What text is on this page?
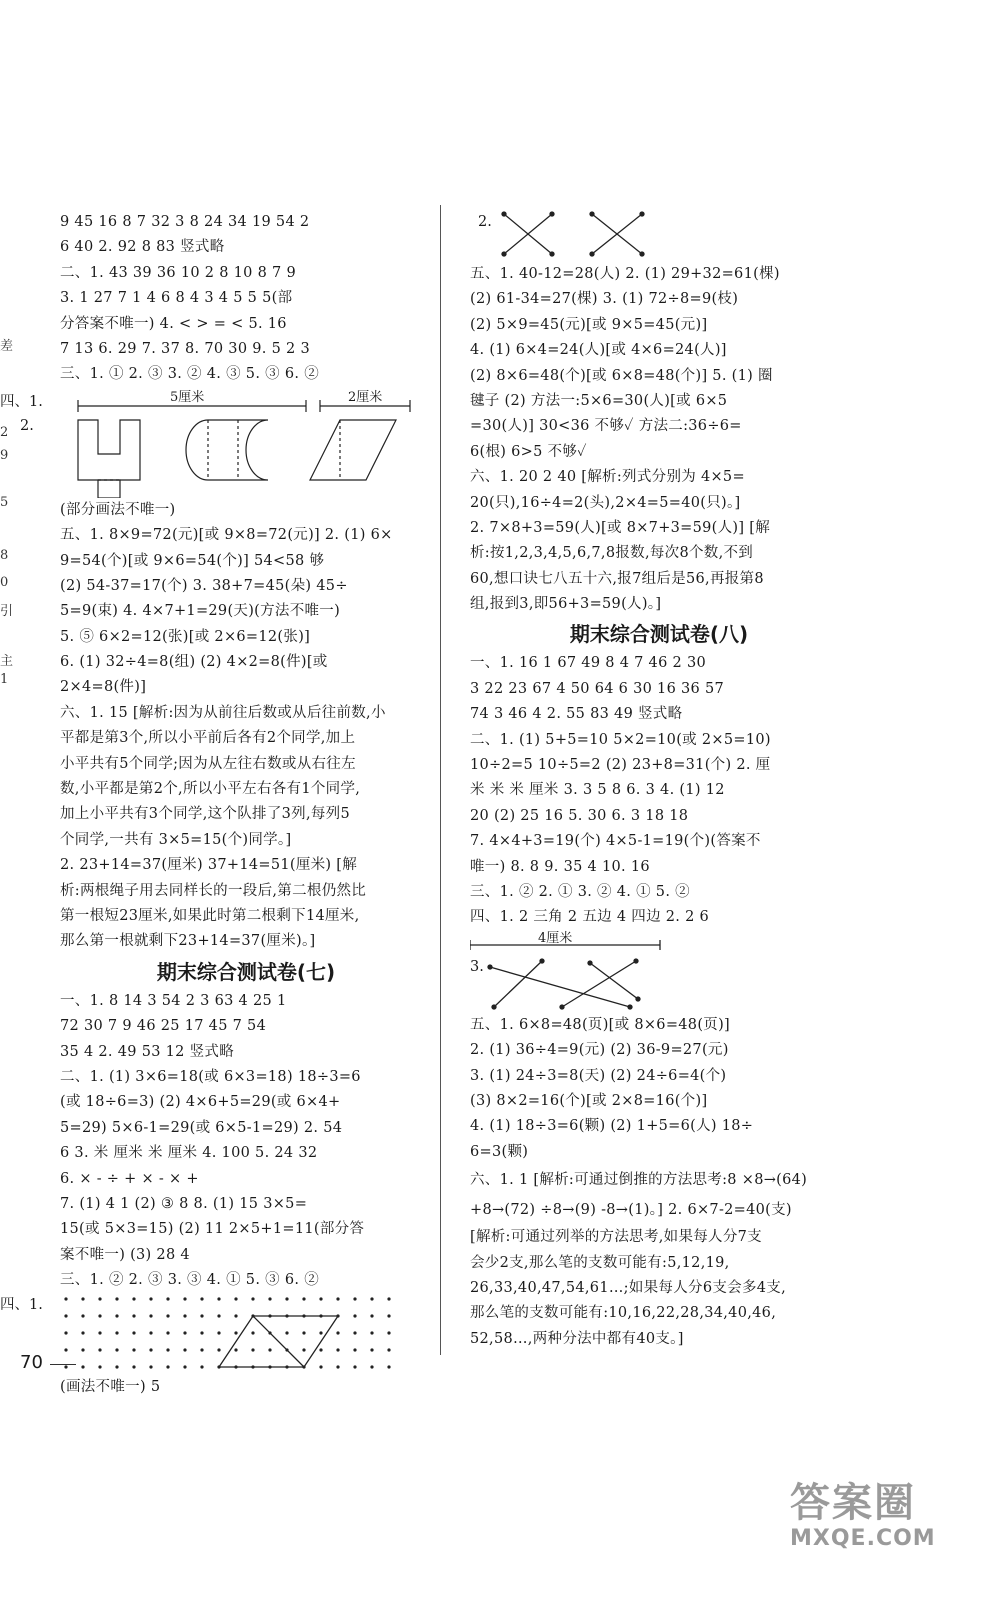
差
2
9
5
8
0
引
主
1
9 45 16 8 7 32 3 8 24 34 19 54 2
6 40 2. 92 8 83 竖式略
二、1. 43 39 36 10 2 8 10 8 7 9
3. 1 27 7 1 4 6 8 4 3 4 5 5 5(部
分答案不唯一) 4. < > = < 5. 16
7 13 6. 29 7. 37 8. 70 30 9. 5 2 3
三、1. ① 2. ③ 3. ② 4. ③ 5. ③ 6. ②
四、1.	5厘米	2厘米
2.
(部分画法不唯一)
五、1. 8×9=72(元)[或 9×8=72(元)] 2. (1) 6×
9=54(个)[或 9×6=54(个)] 54<58 够
(2) 54-37=17(个) 3. 38+7=45(朵) 45÷
5=9(束) 4. 4×7+1=29(天)(方法不唯一)
5. ⑤ 6×2=12(张)[或 2×6=12(张)]
6. (1) 32÷4=8(组) (2) 4×2=8(件)[或
2×4=8(件)]
六、1. 15 [解析:因为从前往后数或从后往前数,小
平都是第3个,所以小平前后各有2个同学,加上
小平共有5个同学;因为从左往右数或从右往左
数,小平都是第2个,所以小平左右各有1个同学,
加上小平共有3个同学,这个队排了3列,每列5
个同学,一共有 3×5=15(个)同学。]
2. 23+14=37(厘米) 37+14=51(厘米) [解
析:两根绳子用去同样长的一段后,第二根仍然比
第一根短23厘米,如果此时第二根剩下14厘米,
那么第一根就剩下23+14=37(厘米)。]
期末综合测试卷(七)
一、1. 8 14 3 54 2 3 63 4 25 1
72 30 7 9 46 25 17 45 7 54
35 4 2. 49 53 12 竖式略
二、1. (1) 3×6=18(或 6×3=18) 18÷3=6
(或 18÷6=3) (2) 4×6+5=29(或 6×4+
5=29) 5×6-1=29(或 6×5-1=29) 2. 54
6 3. 米 厘米 米 厘米 4. 100 5. 24 32
6. × - ÷ + × - × +
7. (1) 4 1 (2) ③ 8 8. (1) 15 3×5=
15(或 5×3=15) (2) 11 2×5+1=11(部分答
案不唯一) (3) 28 4
三、1. ② 2. ③ 3. ③ 4. ① 5. ③ 6. ②
四、1.
(画法不唯一) 5
2.
五、1. 40-12=28(人) 2. (1) 29+32=61(棵)
(2) 61-34=27(棵) 3. (1) 72÷8=9(枝)
(2) 5×9=45(元)[或 9×5=45(元)]
4. (1) 6×4=24(人)[或 4×6=24(人)]
(2) 8×6=48(个)[或 6×8=48(个)] 5. (1) 圈
毽子 (2) 方法一:5×6=30(人)[或 6×5
=30(人)] 30<36 不够✓ 方法二:36÷6=
6(根) 6>5 不够✓
六、1. 20 2 40 [解析:列式分别为 4×5=
20(只),16÷4=2(头),2×4=5=40(只)。]
2. 7×8+3=59(人)[或 8×7+3=59(人)] [解
析:按1,2,3,4,5,6,7,8报数,每次8个数,不到
60,想口诀七八五十六,报7组后是56,再报第8
组,报到3,即56+3=59(人)。]
期末综合测试卷(八)
一、1. 16 1 67 49 8 4 7 46 2 30
3 22 23 67 4 50 64 6 30 16 36 57
74 3 46 4 2. 55 83 49 竖式略
二、1. (1) 5+5=10 5×2=10(或 2×5=10)
10÷2=5 10÷5=2 (2) 23+8=31(个) 2. 厘
米 米 米 厘米 3. 3 5 8 6. 3 4. (1) 12
20 (2) 25 16 5. 30 6. 3 18 18
7. 4×4+3=19(个) 4×5-1=19(个)(答案不
唯一) 8. 8 9. 35 4 10. 16
三、1. ② 2. ① 3. ② 4. ① 5. ②
四、1. 2 三角 2 五边 4 四边 2. 2 6
4厘米
3.
五、1. 6×8=48(页)[或 8×6=48(页)]
2. (1) 36÷4=9(元) (2) 36-9=27(元)
3. (1) 24÷3=8(天) (2) 24÷6=4(个)
(3) 8×2=16(个)[或 2×8=16(个)]
4. (1) 18÷3=6(颗) (2) 1+5=6(人) 18÷
6=3(颗)
六、1. 1 [解析:可通过倒推的方法思考:8 ×8→(64)
+8→(72) ÷8→(9) -8→(1)。] 2. 6×7-2=40(支)
[解析:可通过列举的方法思考,如果每人分7支
会少2支,那么笔的支数可能有:5,12,19,
26,33,40,47,54,61…;如果每人分6支会多4支,
那么笔的支数可能有:10,16,22,28,34,40,46,
52,58…,两种分法中都有40支。]
70
答案圈
MXQE.COM
